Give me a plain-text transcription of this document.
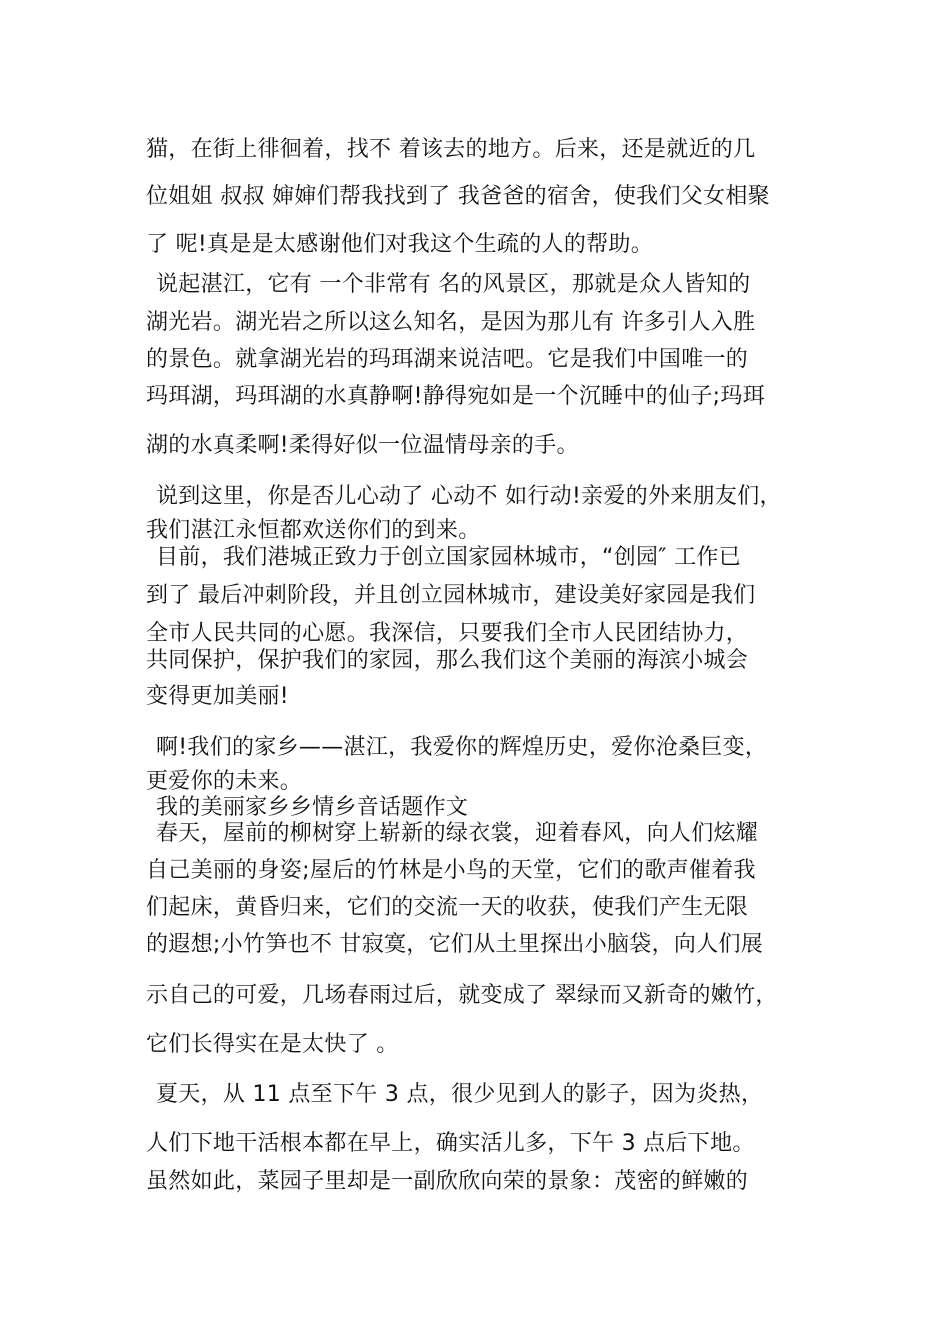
猫，在街上徘徊着，找不 着该去的地方。后来，还是就近的几
位姐姐 叔叔 婶婶们帮我找到了 我爸爸的宿舍，使我们父女相聚
了 呢!真是是太感谢他们对我这个生疏的人的帮助。
说起湛江，它有 一个非常有 名的风景区，那就是众人皆知的
湖光岩。湖光岩之所以这么知名，是因为那儿有 许多引人入胜
的景色。就拿湖光岩的玛珥湖来说洁吧。它是我们中国唯一的
玛珥湖，玛珥湖的水真静啊!静得宛如是一个沉睡中的仙子;玛珥
湖的水真柔啊!柔得好似一位温情母亲的手。
说到这里，你是否儿心动了 心动不 如行动!亲爱的外来朋友们，
我们湛江永恒都欢送你们的到来。
目前，我们港城正致力于创立国家园林城市，“创园″ 工作已
到了 最后冲刺阶段，并且创立园林城市，建设美好家园是我们
全市人民共同的心愿。我深信，只要我们全市人民团结协力，
共同保护，保护我们的家园，那么我们这个美丽的海滨小城会
变得更加美丽!
啊!我们的家乡——湛江，我爱你的辉煌历史，爱你沧桑巨变，
更爱你的未来。
我的美丽家乡乡情乡音话题作文
春天，屋前的柳树穿上崭新的绿衣裳，迎着春风，向人们炫耀
自己美丽的身姿;屋后的竹林是小鸟的天堂，它们的歌声催着我
们起床，黄昏归来，它们的交流一天的收获，使我们产生无限
的遐想;小竹笋也不 甘寂寞，它们从土里探出小脑袋，向人们展
示自己的可爱，几场春雨过后，就变成了 翠绿而又新奇的嫩竹，
它们长得实在是太快了 。
夏天，从 11 点至下午 3 点，很少见到人的影子，因为炎热，
人们下地干活根本都在早上，确实活儿多，下午 3 点后下地。
虽然如此，菜园子里却是一副欣欣向荣的景象：茂密的鲜嫩的
